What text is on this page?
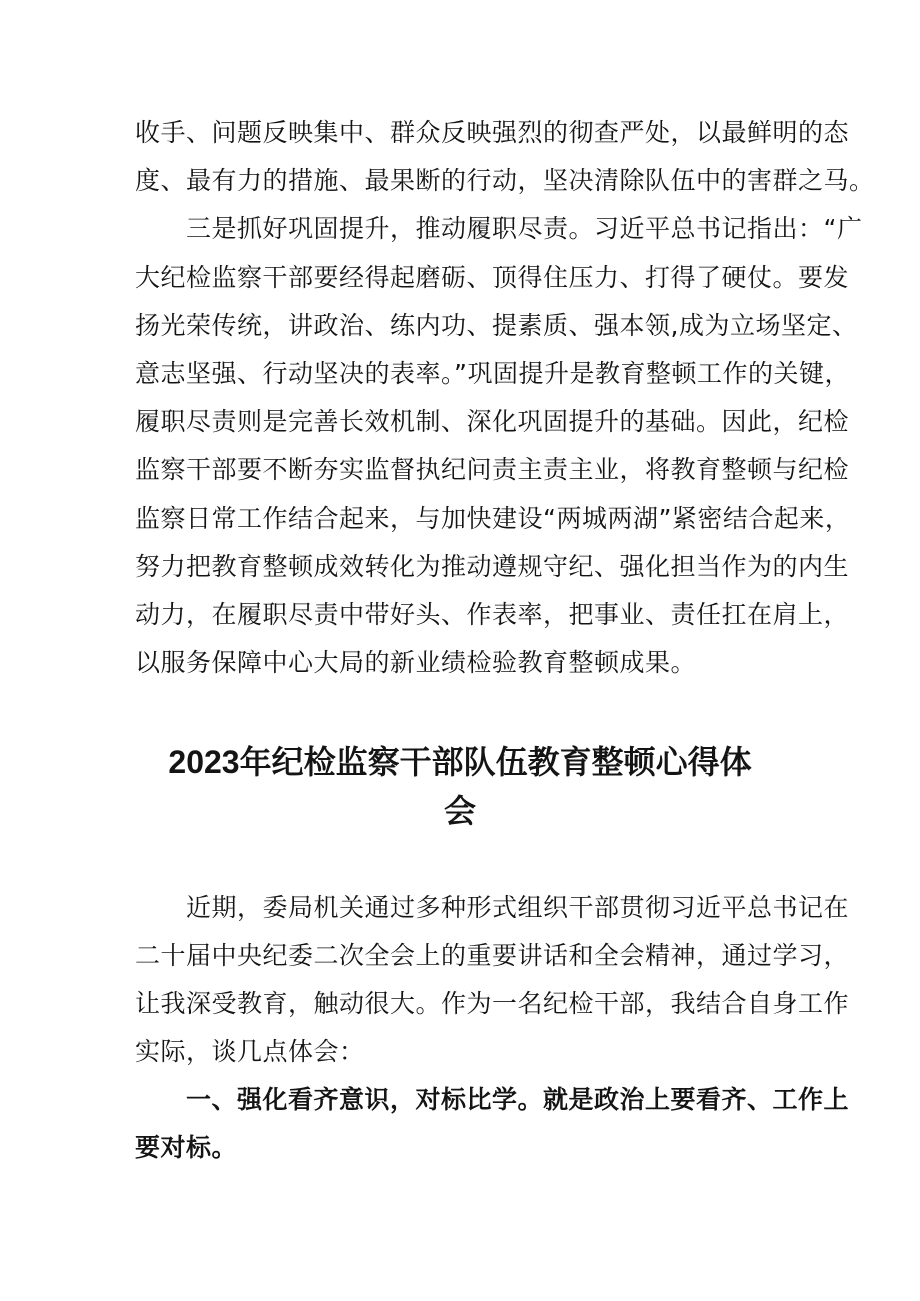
收手、问题反映集中、群众反映强烈的彻查严处，以最鲜明的态

度、最有力的措施、最果断的行动，坚决清除队伍中的害群之马。

三是抓好巩固提升，推动履职尽责。习近平总书记指出：“广

大纪检监察干部要经得起磨砺、顶得住压力、打得了硬仗。要发

扬光荣传统，讲政治、练内功、提素质、强本领,成为立场坚定、

意志坚强、行动坚决的表率。”巩固提升是教育整顿工作的关键，

履职尽责则是完善长效机制、深化巩固提升的基础。因此，纪检

监察干部要不断夯实监督执纪问责主责主业，将教育整顿与纪检

监察日常工作结合起来，与加快建设“两城两湖”紧密结合起来，

努力把教育整顿成效转化为推动遵规守纪、强化担当作为的内生

动力，在履职尽责中带好头、作表率，把事业、责任扛在肩上，

以服务保障中心大局的新业绩检验教育整顿成果。

2023年纪检监察干部队伍教育整顿心得体
会

近期，委局机关通过多种形式组织干部贯彻习近平总书记在

二十届中央纪委二次全会上的重要讲话和全会精神，通过学习，

让我深受教育，触动很大。作为一名纪检干部，我结合自身工作

实际，谈几点体会：

一、强化看齐意识，对标比学。就是政治上要看齐、工作上

要对标。
